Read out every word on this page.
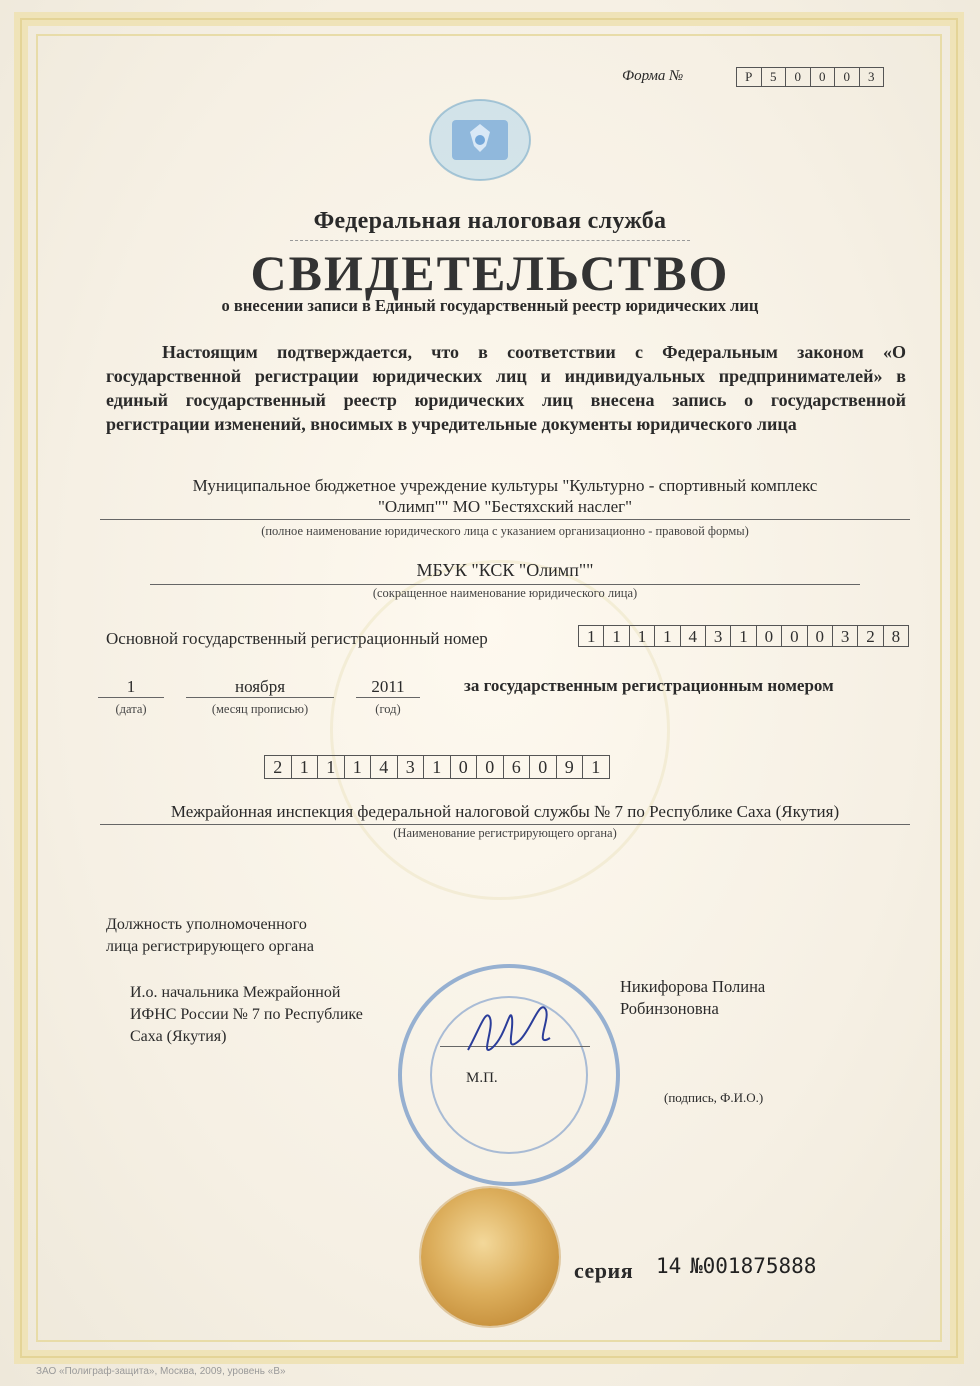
Форма №	Р	5	0	0	0	3
Федеральная налоговая служба
СВИДЕТЕЛЬСТВО
о внесении записи в Единый государственный реестр юридических лиц
Настоящим подтверждается, что в соответствии с Федеральным законом «О государственной регистрации юридических лиц и индивидуальных предпринимателей» в единый государственный реестр юридических лиц внесена запись о государственной регистрации изменений, вносимых в учредительные документы юридического лица
Муниципальное бюджетное учреждение культуры "Культурно - спортивный комплекс
"Олимп"" МО "Бестяхский наслег"
(полное наименование юридического лица с указанием организационно - правовой формы)
МБУК "КСК "Олимп""
(сокращенное наименование юридического лица)
Основной государственный регистрационный номер	1 1 1 1 4 3 1 0 0 0 3 2 8
1
(дата)
ноября
(месяц прописью)
2011
(год)
за государственным регистрационным номером
2 1 1 1 4 3 1 0 0 6 0 9 1
Межрайонная инспекция федеральной налоговой службы № 7 по Республике Саха (Якутия)
(Наименование регистрирующего органа)
Должность уполномоченного
лица регистрирующего органа
И.о. начальника Межрайонной
ИФНС России № 7 по Республике
Саха (Якутия)
Никифорова Полина
Робинзоновна
М.П.
(подпись, Ф.И.О.)
серия 14 №001875888
ЗАО «Полиграф-защита», Москва, 2009, уровень «В»
